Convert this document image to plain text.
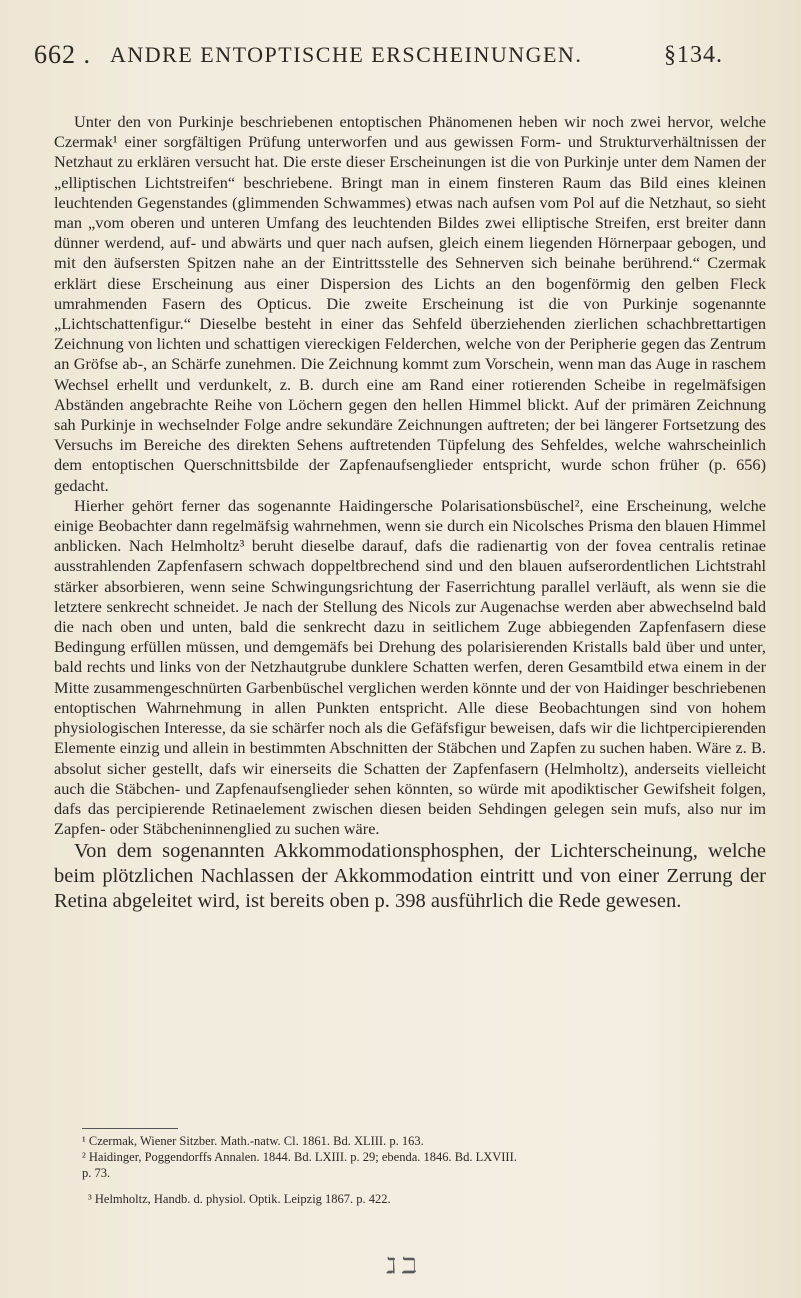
662 . ANDRE ENTOPTISCHE ERSCHEINUNGEN.	§134.

Unter den von Purkinje beschriebenen entoptischen Phänomenen heben wir noch zwei hervor, welche Czermak¹ einer sorgfältigen Prüfung unterworfen und aus gewissen Form- und Strukturverhältnissen der Netzhaut zu erklären versucht hat. Die erste dieser Erscheinungen ist die von Purkinje unter dem Namen der „elliptischen Lichtstreifen“ beschriebene. Bringt man in einem finsteren Raum das Bild eines kleinen leuchtenden Gegenstandes (glimmenden Schwammes) etwas nach aufsen vom Pol auf die Netzhaut, so sieht man „vom oberen und unteren Umfang des leuchtenden Bildes zwei elliptische Streifen, erst breiter dann dünner werdend, auf- und abwärts und quer nach aufsen, gleich einem liegenden Hörnerpaar gebogen, und mit den äufsersten Spitzen nahe an der Eintrittsstelle des Sehnerven sich beinahe berührend.“ Czermak erklärt diese Erscheinung aus einer Dispersion des Lichts an den bogenförmig den gelben Fleck umrahmenden Fasern des Opticus. Die zweite Erscheinung ist die von Purkinje sogenannte „Lichtschattenfigur.“ Dieselbe besteht in einer das Sehfeld überziehenden zierlichen schachbrettartigen Zeichnung von lichten und schattigen viereckigen Felderchen, welche von der Peripherie gegen das Zentrum an Gröfse ab-, an Schärfe zunehmen. Die Zeichnung kommt zum Vorschein, wenn man das Auge in raschem Wechsel erhellt und verdunkelt, z. B. durch eine am Rand einer rotierenden Scheibe in regelmäfsigen Abständen angebrachte Reihe von Löchern gegen den hellen Himmel blickt. Auf der primären Zeichnung sah Purkinje in wechselnder Folge andre sekundäre Zeichnungen auftreten; der bei längerer Fortsetzung des Versuchs im Bereiche des direkten Sehens auftretenden Tüpfelung des Sehfeldes, welche wahrscheinlich dem entoptischen Querschnittsbilde der Zapfenaufsenglieder entspricht, wurde schon früher (p. 656) gedacht.

Hierher gehört ferner das sogenannte Haidingersche Polarisationsbüschel², eine Erscheinung, welche einige Beobachter dann regelmäfsig wahrnehmen, wenn sie durch ein Nicolsches Prisma den blauen Himmel anblicken. Nach Helmholtz³ beruht dieselbe darauf, dafs die radienartig von der fovea centralis retinae ausstrahlenden Zapfenfasern schwach doppeltbrechend sind und den blauen aufserordentlichen Lichtstrahl stärker absorbieren, wenn seine Schwingungsrichtung der Faserrichtung parallel verläuft, als wenn sie die letztere senkrecht schneidet. Je nach der Stellung des Nicols zur Augenachse werden aber abwechselnd bald die nach oben und unten, bald die senkrecht dazu in seitlichem Zuge abbiegenden Zapfenfasern diese Bedingung erfüllen müssen, und demgemäfs bei Drehung des polarisierenden Kristalls bald über und unter, bald rechts und links von der Netzhautgrube dunklere Schatten werfen, deren Gesamtbild etwa einem in der Mitte zusammengeschnürten Garbenbüschel verglichen werden könnte und der von Haidinger beschriebenen entoptischen Wahrnehmung in allen Punkten entspricht. Alle diese Beobachtungen sind von hohem physiologischen Interesse, da sie schärfer noch als die Gefäfsfigur beweisen, dafs wir die lichtpercipierenden Elemente einzig und allein in bestimmten Abschnitten der Stäbchen und Zapfen zu suchen haben. Wäre z. B. absolut sicher gestellt, dafs wir einerseits die Schatten der Zapfenfasern (Helmholtz), anderseits vielleicht auch die Stäbchen- und Zapfenaufsenglieder sehen könnten, so würde mit apodiktischer Gewifsheit folgen, dafs das percipierende Retinaelement zwischen diesen beiden Sehdingen gelegen sein mufs, also nur im Zapfen- oder Stäbcheninnenglied zu suchen wäre.

Von dem sogenannten Akkommodationsphosphen, der Lichterscheinung, welche beim plötzlichen Nachlassen der Akkommodation eintritt und von einer Zerrung der Retina abgeleitet wird, ist bereits oben p. 398 ausführlich die Rede gewesen.

¹ Czermak, Wiener Sitzber. Math.-natw. Cl. 1861. Bd. XLIII. p. 163.
² Haidinger, Poggendorffs Annalen. 1844. Bd. LXIII. p. 29; ebenda. 1846. Bd. LXVIII.
p. 73.
³ Helmholtz, Handb. d. physiol. Optik. Leipzig 1867. p. 422.
ℷ ℶ
